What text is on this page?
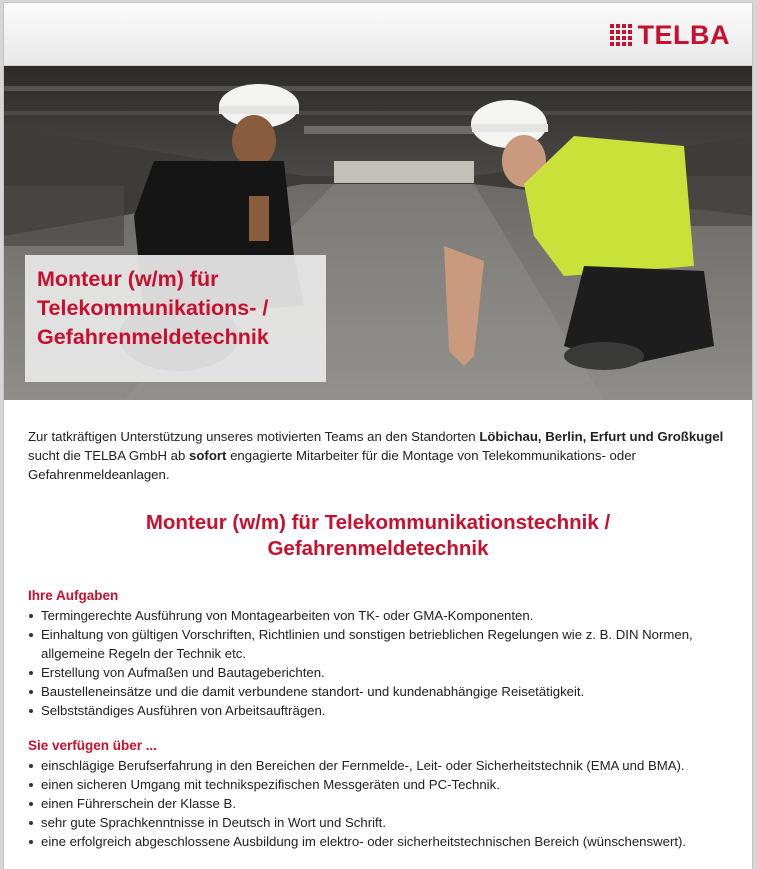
TELBA
Monteur (w/m) für
Telekommunikations- /
Gefahrenmeldetechnik

Zur tatkräftigen Unterstützung unseres motivierten Teams an den Standorten Löbichau, Berlin, Erfurt und Großkugel sucht die TELBA GmbH ab sofort engagierte Mitarbeiter für die Montage von Telekommunikations- oder Gefahrenmeldeanlagen.

Monteur (w/m) für Telekommunikationstechnik /
Gefahrenmeldetechnik
Ihre Aufgaben
Termingerechte Ausführung von Montagearbeiten von TK- oder GMA-Komponenten.
Einhaltung von gültigen Vorschriften, Richtlinien und sonstigen betrieblichen Regelungen wie z. B. DIN Normen, allgemeine Regeln der Technik etc.
Erstellung von Aufmaßen und Bautageberichten.
Baustelleneinsätze und die damit verbundene standort- und kundenabhängige Reisetätigkeit.
Selbstständiges Ausführen von Arbeitsaufträgen.
Sie verfügen über ...
einschlägige Berufserfahrung in den Bereichen der Fernmelde-, Leit- oder Sicherheitstechnik (EMA und BMA).
einen sicheren Umgang mit technikspezifischen Messgeräten und PC-Technik.
einen Führerschein der Klasse B.
sehr gute Sprachkenntnisse in Deutsch in Wort und Schrift.
eine erfolgreich abgeschlossene Ausbildung im elektro- oder sicherheitstechnischen Bereich (wünschenswert).
